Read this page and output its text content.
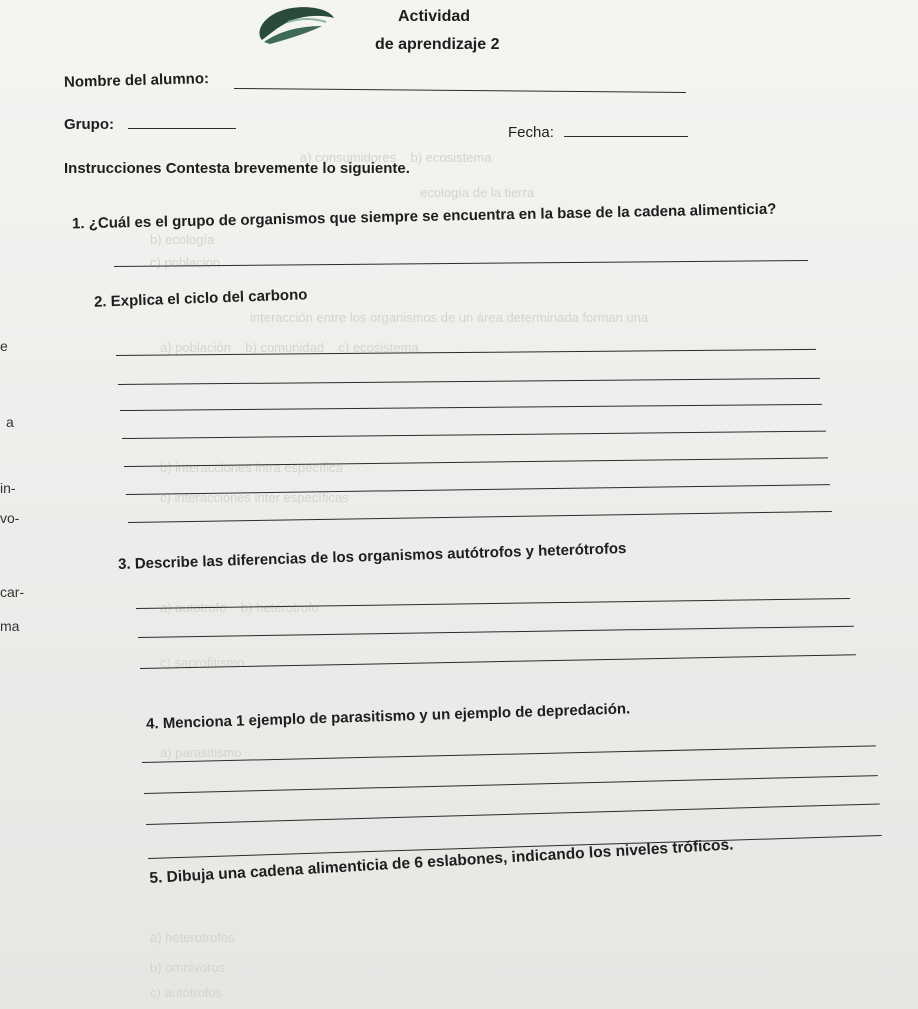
a) consumidores    b) ecosistema
ecología de la tierra
b) ecología
c) poblacion
interacción entre los organismos de un área determinada forman una
a) población    b) comunidad    c) ecosistema
b) interacciones intra específica
c) interacciones inter específicas
a) autotrofo    b) heterotrofo
c) saprofitismo
a) parasitismo
a) heterotrofos
b) omnivoros
c) autótrofos
Actividad
de aprendizaje 2
Nombre del alumno:
Grupo:	Fecha:
Instrucciones Contesta brevemente lo siguiente.
1. ¿Cuál es el grupo de organismos que siempre se encuentra en la base de la cadena alimenticia?
2. Explica el ciclo del carbono
3. Describe las diferencias de los organismos autótrofos y heterótrofos
4. Menciona 1 ejemplo de parasitismo y un ejemplo de depredación.
5. Dibuja una cadena alimenticia de 6 eslabones, indicando los niveles tróficos.
e
a
in-
vo-
car-
ma
